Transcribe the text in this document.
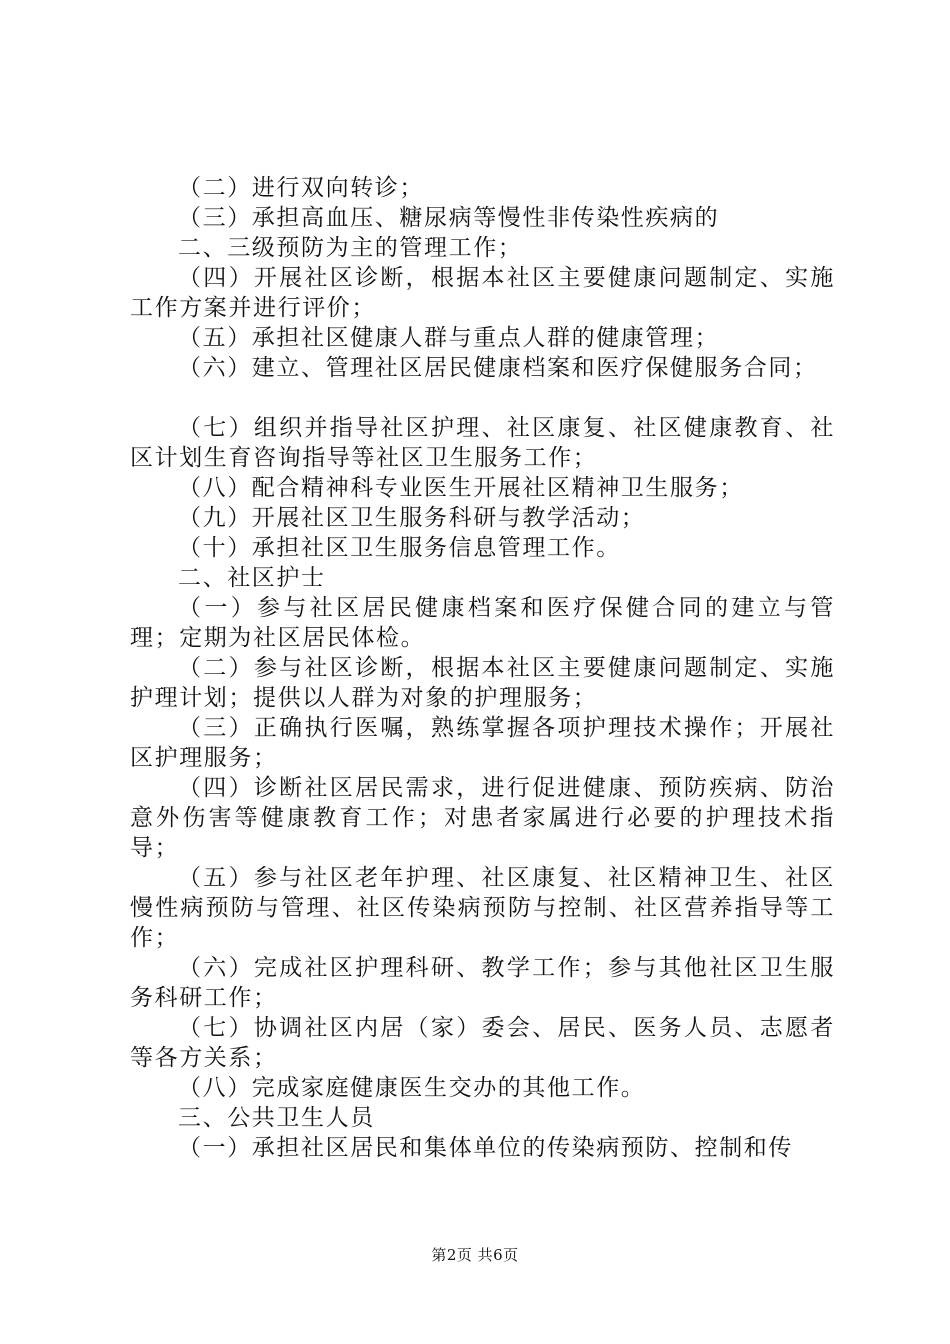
（二）进行双向转诊；

（三）承担高血压、糖尿病等慢性非传染性疾病的

二、三级预防为主的管理工作；

（四）开展社区诊断，根据本社区主要健康问题制定、实施工作方案并进行评价；

（五）承担社区健康人群与重点人群的健康管理；

（六）建立、管理社区居民健康档案和医疗保健服务合同；

（七）组织并指导社区护理、社区康复、社区健康教育、社区计划生育咨询指导等社区卫生服务工作；

（八）配合精神科专业医生开展社区精神卫生服务；

（九）开展社区卫生服务科研与教学活动；

（十）承担社区卫生服务信息管理工作。

二、社区护士

（一）参与社区居民健康档案和医疗保健合同的建立与管理；定期为社区居民体检。

（二）参与社区诊断，根据本社区主要健康问题制定、实施护理计划；提供以人群为对象的护理服务；

（三）正确执行医嘱，熟练掌握各项护理技术操作；开展社区护理服务；

（四）诊断社区居民需求，进行促进健康、预防疾病、防治意外伤害等健康教育工作；对患者家属进行必要的护理技术指导；

（五）参与社区老年护理、社区康复、社区精神卫生、社区慢性病预防与管理、社区传染病预防与控制、社区营养指导等工作；

（六）完成社区护理科研、教学工作；参与其他社区卫生服务科研工作；

（七）协调社区内居（家）委会、居民、医务人员、志愿者等各方关系；

（八）完成家庭健康医生交办的其他工作。

三、公共卫生人员

（一）承担社区居民和集体单位的传染病预防、控制和传

第2页 共6页
